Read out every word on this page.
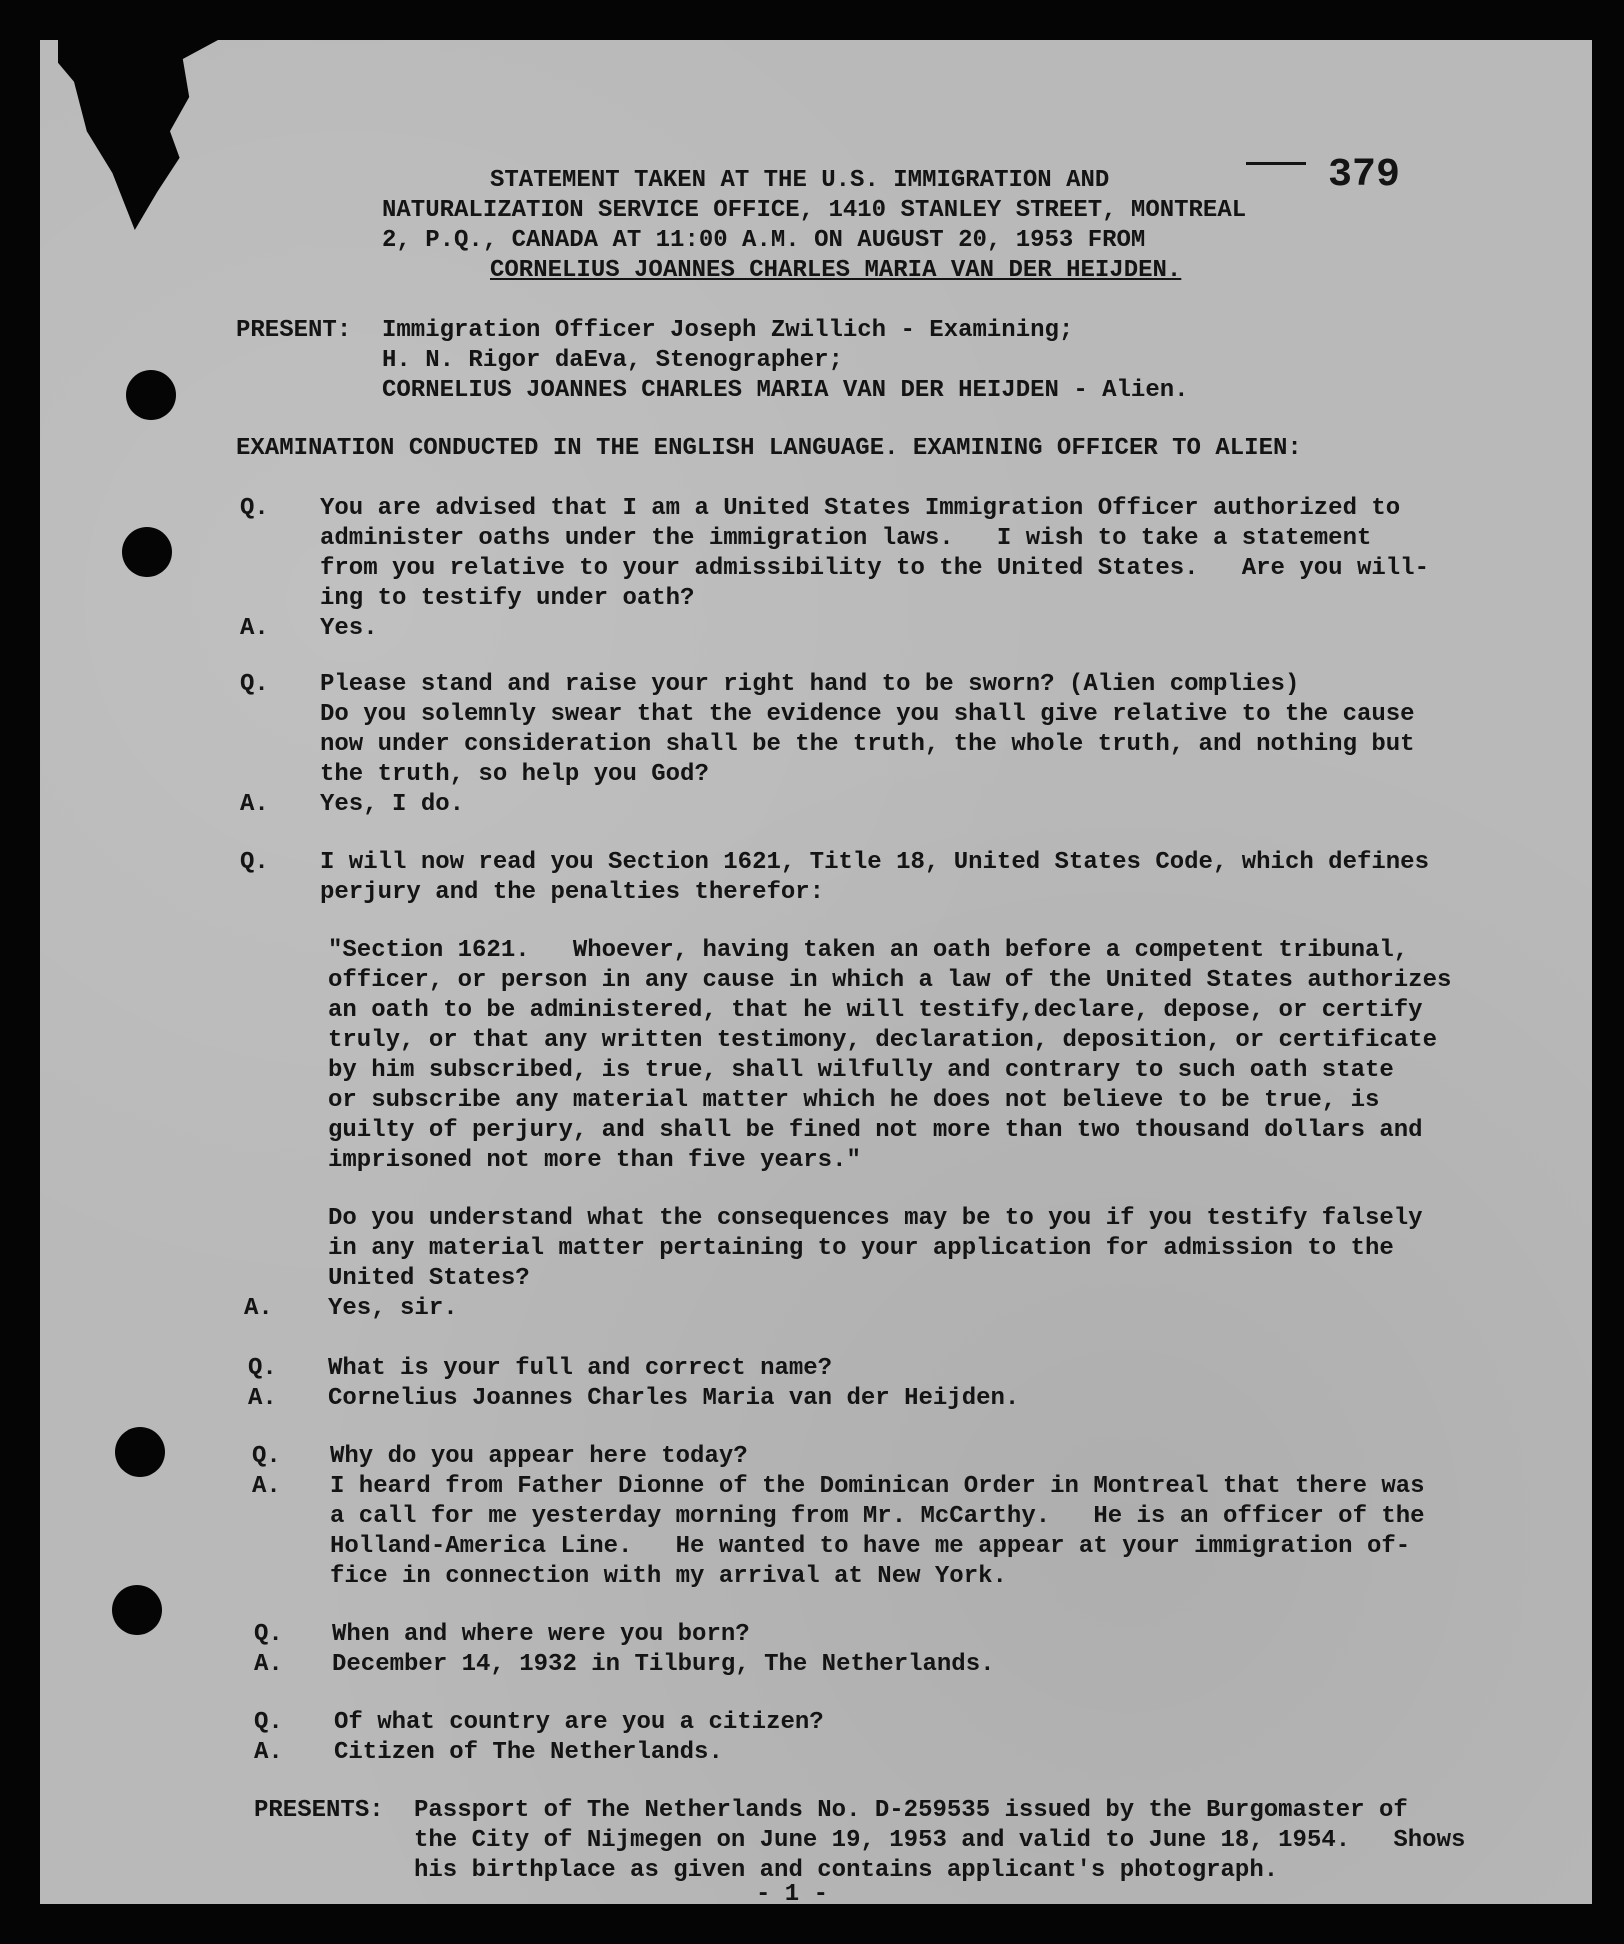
379
STATEMENT TAKEN AT THE U.S. IMMIGRATION AND
NATURALIZATION SERVICE OFFICE, 1410 STANLEY STREET, MONTREAL
2, P.Q., CANADA AT 11:00 A.M. ON AUGUST 20, 1953 FROM
CORNELIUS JOANNES CHARLES MARIA VAN DER HEIJDEN.
PRESENT: Immigration Officer Joseph Zwillich - Examining;
H. N. Rigor daEva, Stenographer;
CORNELIUS JOANNES CHARLES MARIA VAN DER HEIJDEN - Alien.
EXAMINATION CONDUCTED IN THE ENGLISH LANGUAGE. EXAMINING OFFICER TO ALIEN:
Q. You are advised that I am a United States Immigration Officer authorized to
administer oaths under the immigration laws.   I wish to take a statement
from you relative to your admissibility to the United States.   Are you will-
ing to testify under oath?
A. Yes.
Q. Please stand and raise your right hand to be sworn? (Alien complies)
Do you solemnly swear that the evidence you shall give relative to the cause
now under consideration shall be the truth, the whole truth, and nothing but
the truth, so help you God?
A. Yes, I do.
Q. I will now read you Section 1621, Title 18, United States Code, which defines
perjury and the penalties therefor:
"Section 1621.   Whoever, having taken an oath before a competent tribunal,
officer, or person in any cause in which a law of the United States authorizes
an oath to be administered, that he will testify,declare, depose, or certify
truly, or that any written testimony, declaration, deposition, or certificate
by him subscribed, is true, shall wilfully and contrary to such oath state
or subscribe any material matter which he does not believe to be true, is
guilty of perjury, and shall be fined not more than two thousand dollars and
imprisoned not more than five years."
Do you understand what the consequences may be to you if you testify falsely
in any material matter pertaining to your application for admission to the
United States?
A. Yes, sir.
Q. What is your full and correct name?
A. Cornelius Joannes Charles Maria van der Heijden.
Q. Why do you appear here today?
A. I heard from Father Dionne of the Dominican Order in Montreal that there was
a call for me yesterday morning from Mr. McCarthy.   He is an officer of the
Holland-America Line.   He wanted to have me appear at your immigration of-
fice in connection with my arrival at New York.
Q. When and where were you born?
A. December 14, 1932 in Tilburg, The Netherlands.
Q. Of what country are you a citizen?
A. Citizen of The Netherlands.
PRESENTS: Passport of The Netherlands No. D-259535 issued by the Burgomaster of
the City of Nijmegen on June 19, 1953 and valid to June 18, 1954.   Shows
his birthplace as given and contains applicant's photograph.
- 1 -
